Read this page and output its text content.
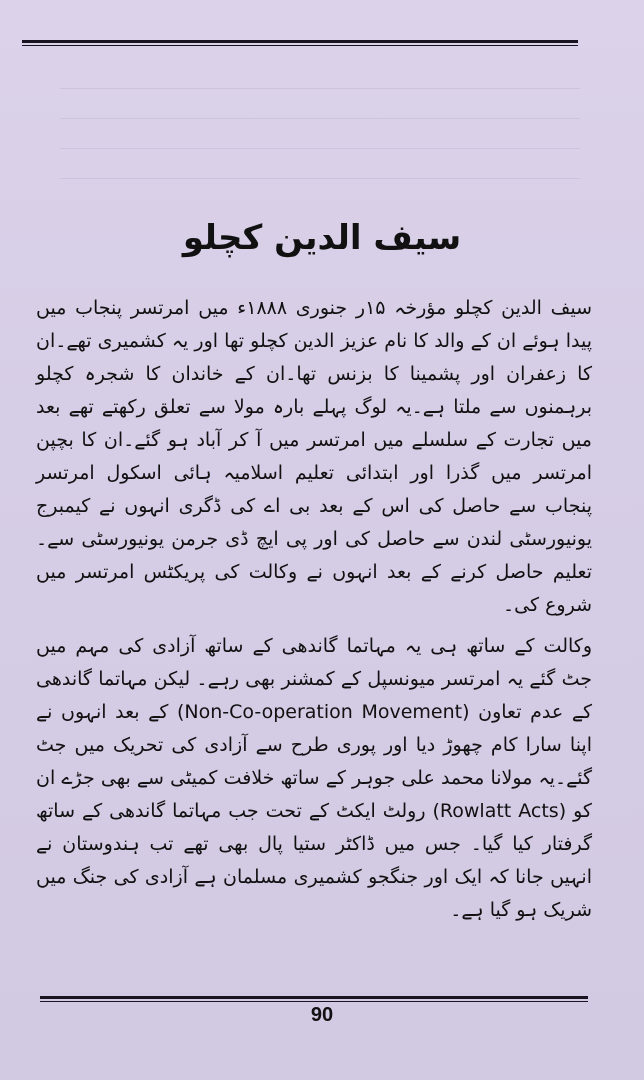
سیف الدین کچلو

سیف الدین کچلو مؤرخہ ۱۵ر جنوری ۱۸۸۸ء میں امرتسر پنجاب میں پیدا ہوئے ان کے والد کا نام عزیز الدین کچلو تھا اور یہ کشمیری تھے۔ان کا زعفران اور پشمینا کا بزنس تھا۔ان کے خاندان کا شجرہ کچلو برہمنوں سے ملتا ہے۔یہ لوگ پہلے بارہ مولا سے تعلق رکھتے تھے بعد میں تجارت کے سلسلے میں امرتسر میں آ کر آباد ہو گئے۔ان کا بچپن امرتسر میں گذرا اور ابتدائی تعلیم اسلامیہ ہائی اسکول امرتسر پنجاب سے حاصل کی اس کے بعد بی اے کی ڈگری انہوں نے کیمبرج یونیورسٹی لندن سے حاصل کی اور پی ایچ ڈی جرمن یونیورسٹی سے۔تعلیم حاصل کرنے کے بعد انہوں نے وکالت کی پریکٹس امرتسر میں شروع کی۔

وکالت کے ساتھ ہی یہ مہاتما گاندھی کے ساتھ آزادی کی مہم میں جٹ گئے یہ امرتسر میونسپل کے کمشنر بھی رہے۔ لیکن مہاتما گاندھی کے عدم تعاون (Non-Co-operation Movement) کے بعد انہوں نے اپنا سارا کام چھوڑ دیا اور پوری طرح سے آزادی کی تحریک میں جٹ گئے۔یہ مولانا محمد علی جوہر کے ساتھ خلافت کمیٹی سے بھی جڑے ان کو (Rowlatt Acts) رولٹ ایکٹ کے تحت جب مہاتما گاندھی کے ساتھ گرفتار کیا گیا۔ جس میں ڈاکٹر ستیا پال بھی تھے تب ہندوستان نے انہیں جانا کہ ایک اور جنگجو کشمیری مسلمان ہے آزادی کی جنگ میں شریک ہو گیا ہے۔

90
